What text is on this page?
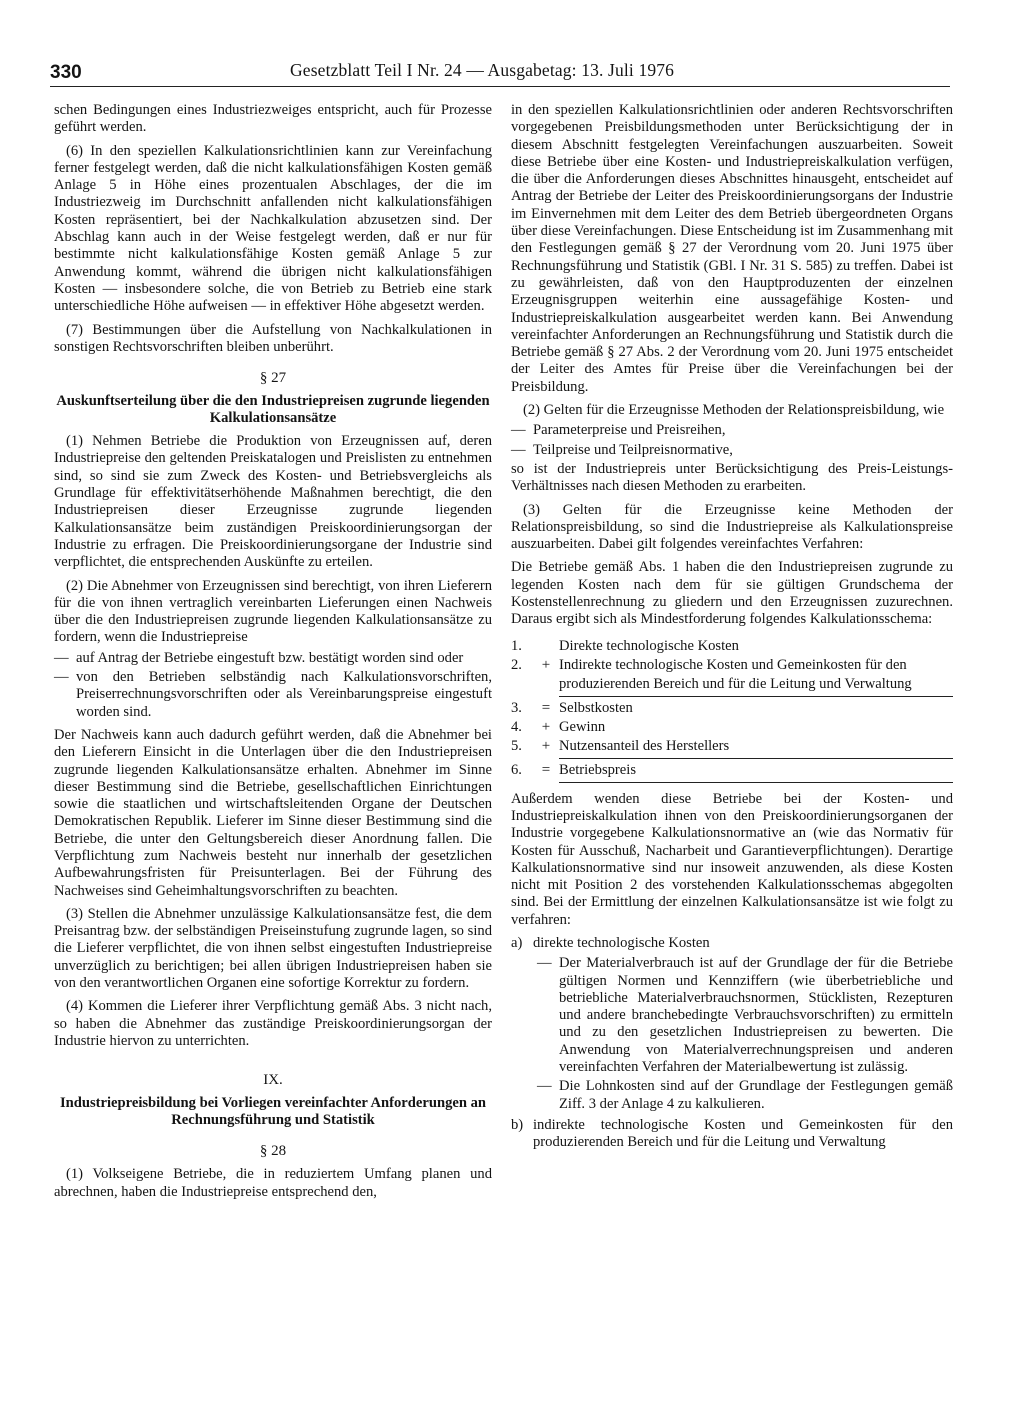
330	Gesetzblatt Teil I Nr. 24 — Ausgabetag: 13. Juli 1976

schen Bedingungen eines Industriezweiges entspricht, auch für Prozesse geführt werden.

(6) In den speziellen Kalkulationsrichtlinien kann zur Vereinfachung ferner festgelegt werden, daß die nicht kalkulationsfähigen Kosten gemäß Anlage 5 in Höhe eines prozentualen Abschlages, der die im Industriezweig im Durchschnitt anfallenden nicht kalkulationsfähigen Kosten repräsentiert, bei der Nachkalkulation abzusetzen sind. Der Abschlag kann auch in der Weise festgelegt werden, daß er nur für bestimmte nicht kalkulationsfähige Kosten gemäß Anlage 5 zur Anwendung kommt, während die übrigen nicht kalkulationsfähigen Kosten — insbesondere solche, die von Betrieb zu Betrieb eine stark unterschiedliche Höhe aufweisen — in effektiver Höhe abgesetzt werden.

(7) Bestimmungen über die Aufstellung von Nachkalkulationen in sonstigen Rechtsvorschriften bleiben unberührt.

§ 27
Auskunftserteilung über die den Industriepreisen zugrunde liegenden Kalkulationsansätze

(1) Nehmen Betriebe die Produktion von Erzeugnissen auf, deren Industriepreise den geltenden Preiskatalogen und Preislisten zu entnehmen sind, so sind sie zum Zweck des Kosten- und Betriebsvergleichs als Grundlage für effektivitätserhöhende Maßnahmen berechtigt, die den Industriepreisen dieser Erzeugnisse zugrunde liegenden Kalkulationsansätze beim zuständigen Preiskoordinierungsorgan der Industrie zu erfragen. Die Preiskoordinierungsorgane der Industrie sind verpflichtet, die entsprechenden Auskünfte zu erteilen.

(2) Die Abnehmer von Erzeugnissen sind berechtigt, von ihren Lieferern für die von ihnen vertraglich vereinbarten Lieferungen einen Nachweis über die den Industriepreisen zugrunde liegenden Kalkulationsansätze zu fordern, wenn die Industriepreise

— auf Antrag der Betriebe eingestuft bzw. bestätigt worden sind oder
— von den Betrieben selbständig nach Kalkulationsvorschriften, Preiserrechnungsvorschriften oder als Vereinbarungspreise eingestuft worden sind.

Der Nachweis kann auch dadurch geführt werden, daß die Abnehmer bei den Lieferern Einsicht in die Unterlagen über die den Industriepreisen zugrunde liegenden Kalkulationsansätze erhalten. Abnehmer im Sinne dieser Bestimmung sind die Betriebe, gesellschaftlichen Einrichtungen sowie die staatlichen und wirtschaftsleitenden Organe der Deutschen Demokratischen Republik. Lieferer im Sinne dieser Bestimmung sind die Betriebe, die unter den Geltungsbereich dieser Anordnung fallen. Die Verpflichtung zum Nachweis besteht nur innerhalb der gesetzlichen Aufbewahrungsfristen für Preisunterlagen. Bei der Führung des Nachweises sind Geheimhaltungsvorschriften zu beachten.

(3) Stellen die Abnehmer unzulässige Kalkulationsansätze fest, die dem Preisantrag bzw. der selbständigen Preiseinstufung zugrunde lagen, so sind die Lieferer verpflichtet, die von ihnen selbst eingestuften Industriepreise unverzüglich zu berichtigen; bei allen übrigen Industriepreisen haben sie von den verantwortlichen Organen eine sofortige Korrektur zu fordern.

(4) Kommen die Lieferer ihrer Verpflichtung gemäß Abs. 3 nicht nach, so haben die Abnehmer das zuständige Preiskoordinierungsorgan der Industrie hiervon zu unterrichten.

IX.
Industriepreisbildung bei Vorliegen vereinfachter Anforderungen an Rechnungsführung und Statistik
§ 28

(1) Volkseigene Betriebe, die in reduziertem Umfang planen und abrechnen, haben die Industriepreise entsprechend den,

in den speziellen Kalkulationsrichtlinien oder anderen Rechtsvorschriften vorgegebenen Preisbildungsmethoden unter Berücksichtigung der in diesem Abschnitt festgelegten Vereinfachungen auszuarbeiten. Soweit diese Betriebe über eine Kosten- und Industriepreiskalkulation verfügen, die über die Anforderungen dieses Abschnittes hinausgeht, entscheidet auf Antrag der Betriebe der Leiter des Preiskoordinierungsorgans der Industrie im Einvernehmen mit dem Leiter des dem Betrieb übergeordneten Organs über diese Vereinfachungen. Diese Entscheidung ist im Zusammenhang mit den Festlegungen gemäß § 27 der Verordnung vom 20. Juni 1975 über Rechnungsführung und Statistik (GBl. I Nr. 31 S. 585) zu treffen. Dabei ist zu gewährleisten, daß von den Hauptproduzenten der einzelnen Erzeugnisgruppen weiterhin eine aussagefähige Kosten- und Industriepreiskalkulation ausgearbeitet werden kann. Bei Anwendung vereinfachter Anforderungen an Rechnungsführung und Statistik durch die Betriebe gemäß § 27 Abs. 2 der Verordnung vom 20. Juni 1975 entscheidet der Leiter des Amtes für Preise über die Vereinfachungen bei der Preisbildung.

(2) Gelten für die Erzeugnisse Methoden der Relationspreisbildung, wie

— Parameterpreise und Preisreihen,
— Teilpreise und Teilpreisnormative,

so ist der Industriepreis unter Berücksichtigung des Preis-Leistungs-Verhältnisses nach diesen Methoden zu erarbeiten.

(3) Gelten für die Erzeugnisse keine Methoden der Relationspreisbildung, so sind die Industriepreise als Kalkulationspreise auszuarbeiten. Dabei gilt folgendes vereinfachtes Verfahren:

Die Betriebe gemäß Abs. 1 haben die den Industriepreisen zugrunde zu legenden Kosten nach dem für sie gültigen Grundschema der Kostenstellenrechnung zu gliedern und den Erzeugnissen zuzurechnen. Daraus ergibt sich als Mindestforderung folgendes Kalkulationsschema:

1.	Direkte technologische Kosten
2.	+ Indirekte technologische Kosten und Gemeinkosten für den produzierenden Bereich und für die Leitung und Verwaltung
3.	= Selbstkosten
4.	+ Gewinn
5.	+ Nutzensanteil des Herstellers
6.	= Betriebspreis

Außerdem wenden diese Betriebe bei der Kosten- und Industriepreiskalkulation ihnen von den Preiskoordinierungsorganen der Industrie vorgegebene Kalkulationsnormative an (wie das Normativ für Kosten für Ausschuß, Nacharbeit und Garantieverpflichtungen). Derartige Kalkulationsnormative sind nur insoweit anzuwenden, als diese Kosten nicht mit Position 2 des vorstehenden Kalkulationsschemas abgegolten sind. Bei der Ermittlung der einzelnen Kalkulationsansätze ist wie folgt zu verfahren:

a) direkte technologische Kosten
— Der Materialverbrauch ist auf der Grundlage der für die Betriebe gültigen Normen und Kennziffern (wie überbetriebliche und betriebliche Materialverbrauchsnormen, Stücklisten, Rezepturen und andere branchebedingte Verbrauchsvorschriften) zu ermitteln und zu den gesetzlichen Industriepreisen zu bewerten. Die Anwendung von Materialverrechnungspreisen und anderen vereinfachten Verfahren der Materialbewertung ist zulässig.
— Die Lohnkosten sind auf der Grundlage der Festlegungen gemäß Ziff. 3 der Anlage 4 zu kalkulieren.
b) indirekte technologische Kosten und Gemeinkosten für den produzierenden Bereich und für die Leitung und Verwaltung
